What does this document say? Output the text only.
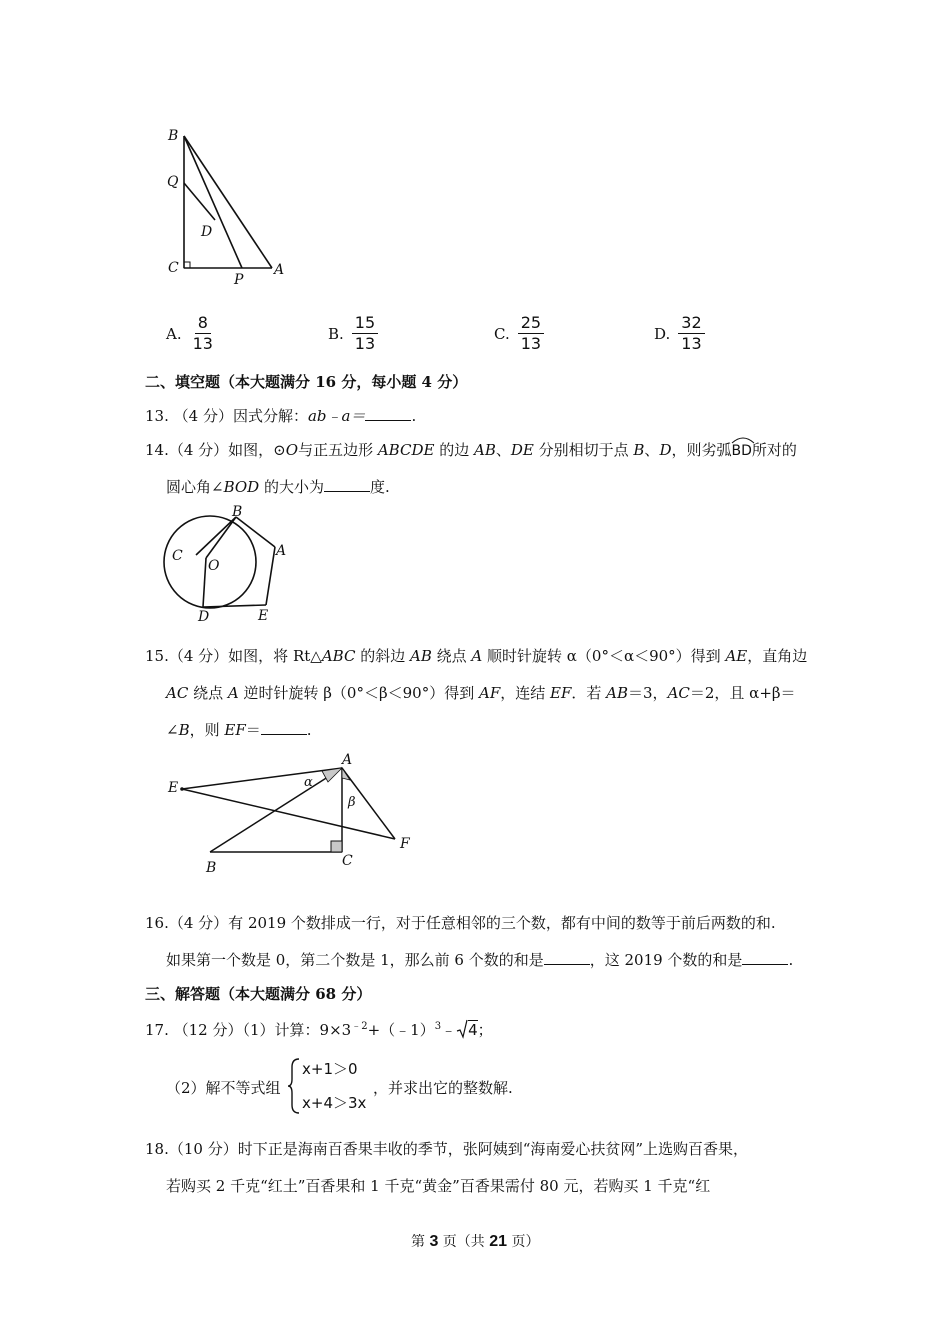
B
Q
D
C
P
A
A. $\frac{8}{13}$	B. $\frac{15}{13}$	C. $\frac{25}{13}$	D. $\frac{32}{13}$
二、填空题（本大题满分 16 分，每小题 4 分）
13. （4 分）因式分解：ab﹣a＝	.
14.（4 分）如图，⊙O与正五边形 ABCDE 的边 AB、DE 分别相切于点 B、D，则劣弧
BD所对的
圆心角∠BOD 的大小为	度.
B
C
O
A
D	E
15.（4 分）如图，将 Rt△ABC 的斜边 AB 绕点 A 顺时针旋转 α（0°＜α＜90°）得到 AE，直角边
AC 绕点 A 逆时针旋转 β（0°＜β＜90°）得到 AF，连结 EF．若 AB＝3，AC＝2，且 α+β＝
∠B，则 EF＝	.
E
A
α
β
B	C
F
16.（4 分）有 2019 个数排成一行，对于任意相邻的三个数，都有中间的数等于前后两数的和.
如果第一个数是 0，第二个数是 1，那么前 6 个数的和是	，这 2019 个数的和是	.
三、解答题（本大题满分 68 分）
17. （12 分）（1）计算：$9\times 3^{﹣2}+(﹣1)^3﹣$ 4；
（2）解不等式组
x+1＞0
x+4＞3x
，并求出它的整数解.
18.（10 分）时下正是海南百香果丰收的季节，张阿姨到“海南爱心扶贫网”上选购百香果，
若购买 2 千克“红土”百香果和 1 千克“黄金”百香果需付 80 元，若购买 1 千克“红
第 3 页（共 21 页）
